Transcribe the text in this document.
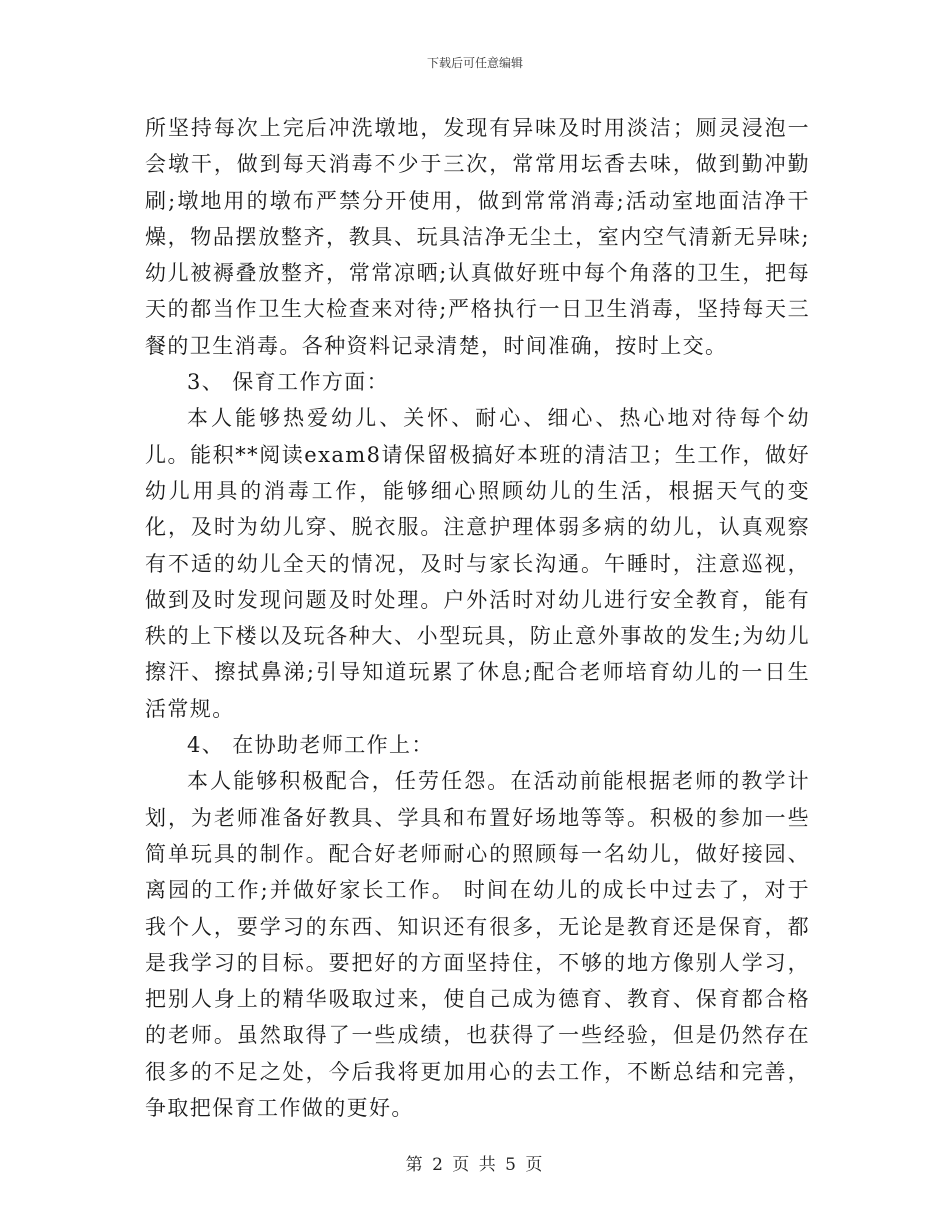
下载后可任意编辑

所坚持每次上完后冲洗墩地，发现有异味及时用淡洁；厕灵浸泡一会墩干，做到每天消毒不少于三次，常常用坛香去味，做到勤冲勤刷;墩地用的墩布严禁分开使用，做到常常消毒;活动室地面洁净干燥，物品摆放整齐，教具、玩具洁净无尘土，室内空气清新无异味;幼儿被褥叠放整齐，常常凉晒;认真做好班中每个角落的卫生，把每天的都当作卫生大检查来对待;严格执行一日卫生消毒，坚持每天三餐的卫生消毒。各种资料记录清楚，时间准确，按时上交。

3、 保育工作方面：

本人能够热爱幼儿、关怀、耐心、细心、热心地对待每个幼儿。能积**阅读exam8请保留极搞好本班的清洁卫；生工作，做好幼儿用具的消毒工作，能够细心照顾幼儿的生活，根据天气的变化，及时为幼儿穿、脱衣服。注意护理体弱多病的幼儿，认真观察有不适的幼儿全天的情况，及时与家长沟通。午睡时，注意巡视，做到及时发现问题及时处理。户外活时对幼儿进行安全教育，能有秩的上下楼以及玩各种大、小型玩具，防止意外事故的发生;为幼儿擦汗、擦拭鼻涕;引导知道玩累了休息;配合老师培育幼儿的一日生活常规。

4、 在协助老师工作上：

本人能够积极配合，任劳任怨。在活动前能根据老师的教学计划，为老师准备好教具、学具和布置好场地等等。积极的参加一些简单玩具的制作。配合好老师耐心的照顾每一名幼儿，做好接园、离园的工作;并做好家长工作。 时间在幼儿的成长中过去了，对于我个人，要学习的东西、知识还有很多，无论是教育还是保育，都是我学习的目标。要把好的方面坚持住，不够的地方像别人学习，把别人身上的精华吸取过来，使自己成为德育、教育、保育都合格的老师。虽然取得了一些成绩，也获得了一些经验，但是仍然存在很多的不足之处，今后我将更加用心的去工作，不断总结和完善，争取把保育工作做的更好。

第 2 页 共 5 页
